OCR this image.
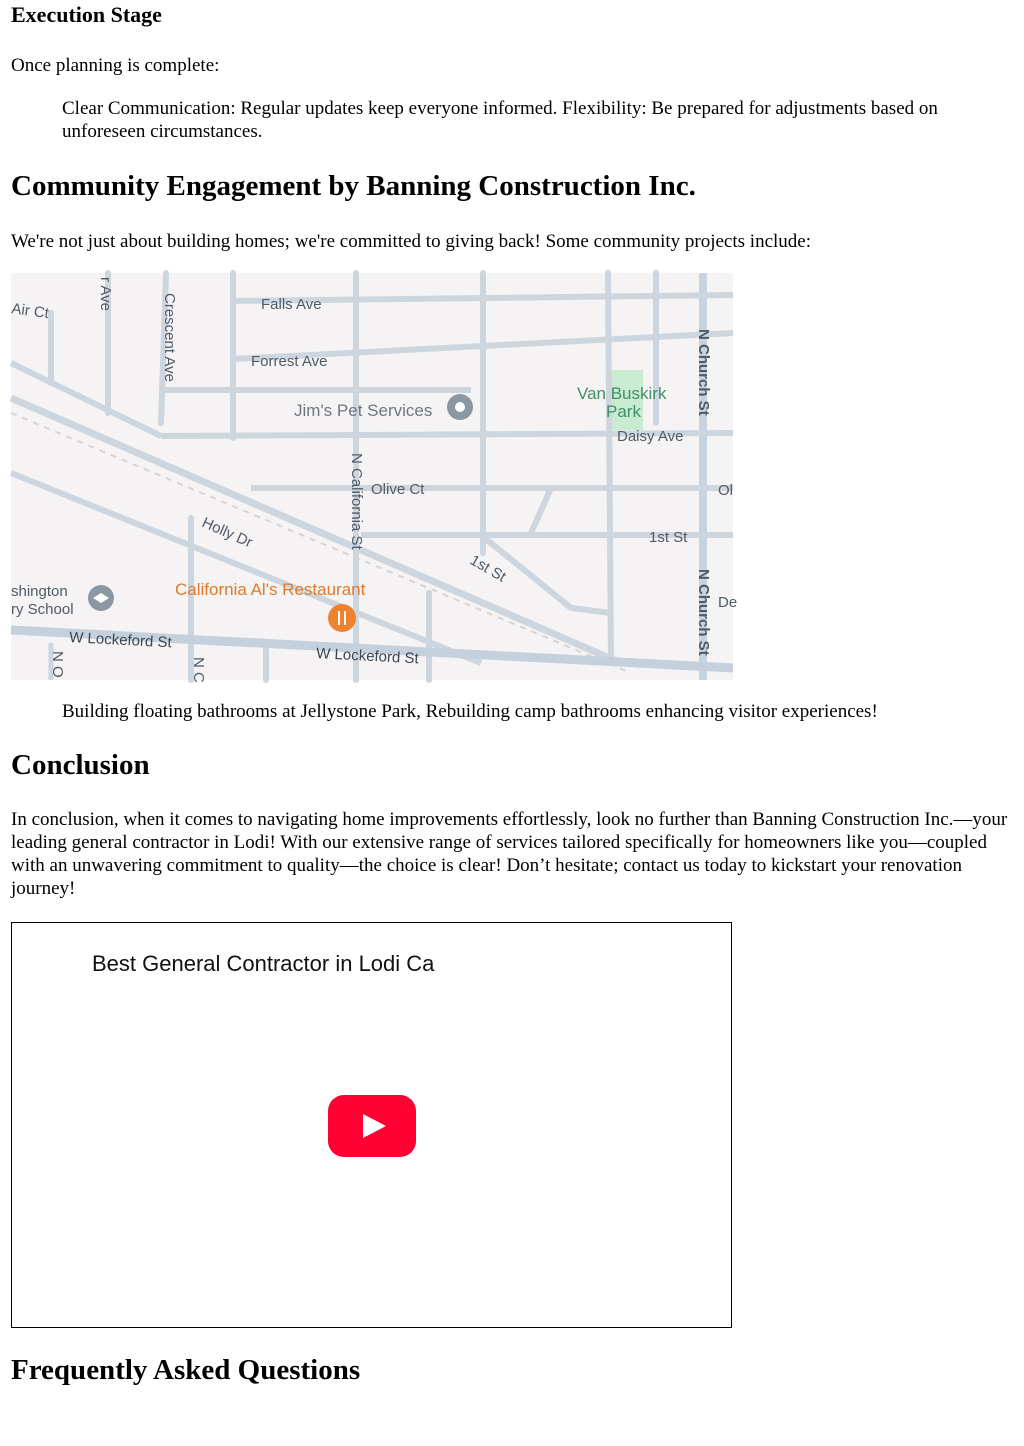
Execution Stage

Once planning is complete:

Clear Communication: Regular updates keep everyone informed. Flexibility: Be prepared for adjustments based on unforeseen circumstances.

Community Engagement by Banning Construction Inc.

We're not just about building homes; we're committed to giving back! Some community projects include:

Air Ct
r Ave	Crescent Ave	Falls Ave
Forrest Ave
Daisy Ave
N Church St
N Church St
N California St Olive Ct	Ol
Holly Dr
1st St
1st St
shington
ry School
W Lockeford St
W Lockeford St
De
N O	N C
Jim's Pet Services
Van Buskirk
Park
California Al's Restaurant

Building floating bathrooms at Jellystone Park, Rebuilding camp bathrooms enhancing visitor experiences!

Conclusion

In conclusion, when it comes to navigating home improvements effortlessly, look no further than Banning Construction Inc.—your leading general contractor in Lodi! With our extensive range of services tailored specifically for homeowners like you—coupled with an unwavering commitment to quality—the choice is clear! Don’t hesitate; contact us today to kickstart your renovation journey!

Best General Contractor in Lodi Ca

Frequently Asked Questions
